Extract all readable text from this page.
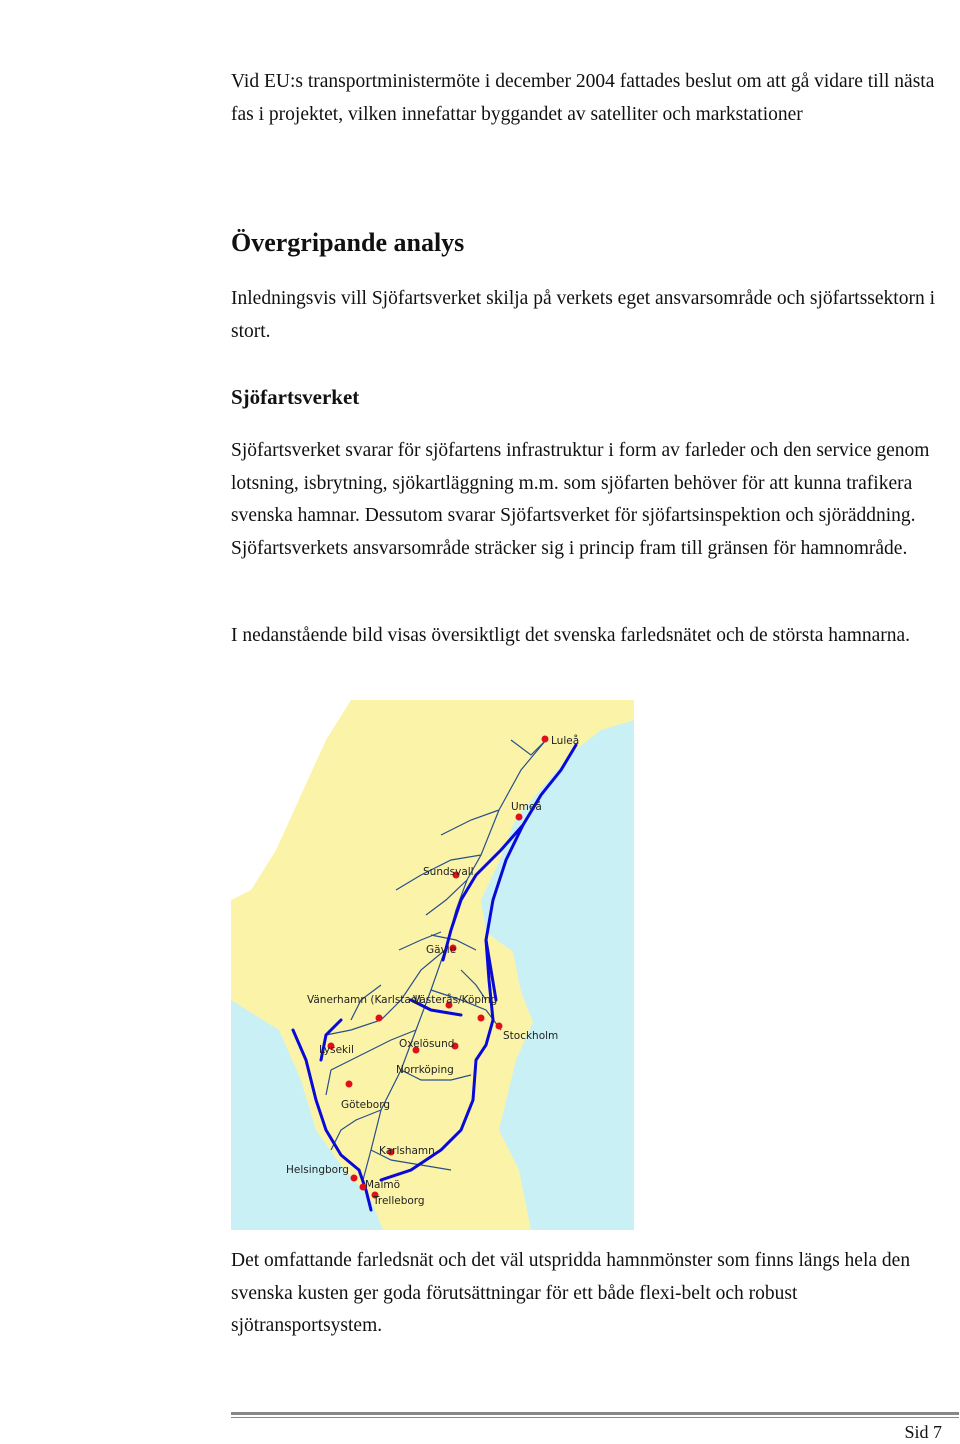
Vid EU:s transportministermöte i december 2004 fattades beslut om att gå vidare till nästa fas i projektet, vilken innefattar byggandet av satelliter och markstationer

Övergripande analys

Inledningsvis vill Sjöfartsverket skilja på verkets eget ansvarsområde och sjöfartssektorn i stort.

Sjöfartsverket

Sjöfartsverket svarar för sjöfartens infrastruktur i form av farleder och den service genom lotsning, isbrytning, sjökartläggning m.m. som sjöfarten behöver för att kunna trafikera svenska hamnar. Dessutom svarar Sjöfartsverket för sjöfartsinspektion och sjöräddning. Sjöfartsverkets ansvarsområde sträcker sig i princip fram till gränsen för hamnområde.

I nedanstående bild visas översiktligt det svenska farledsnätet och de största hamnarna.

Luleå
Umeå
Sundsvall
Gävle
Vänerhamn (Karlstad)
Västerås/Köping
Stockholm
Lysekil	Oxelösund
Norrköping
Göteborg
Karlshamn
Helsingborg
Malmö
Trelleborg

Det omfattande farledsnät och det väl utspridda hamnmönster som finns längs hela den svenska kusten ger goda förutsättningar för ett både flexi-belt och robust sjötransportsystem.

Sid 7
